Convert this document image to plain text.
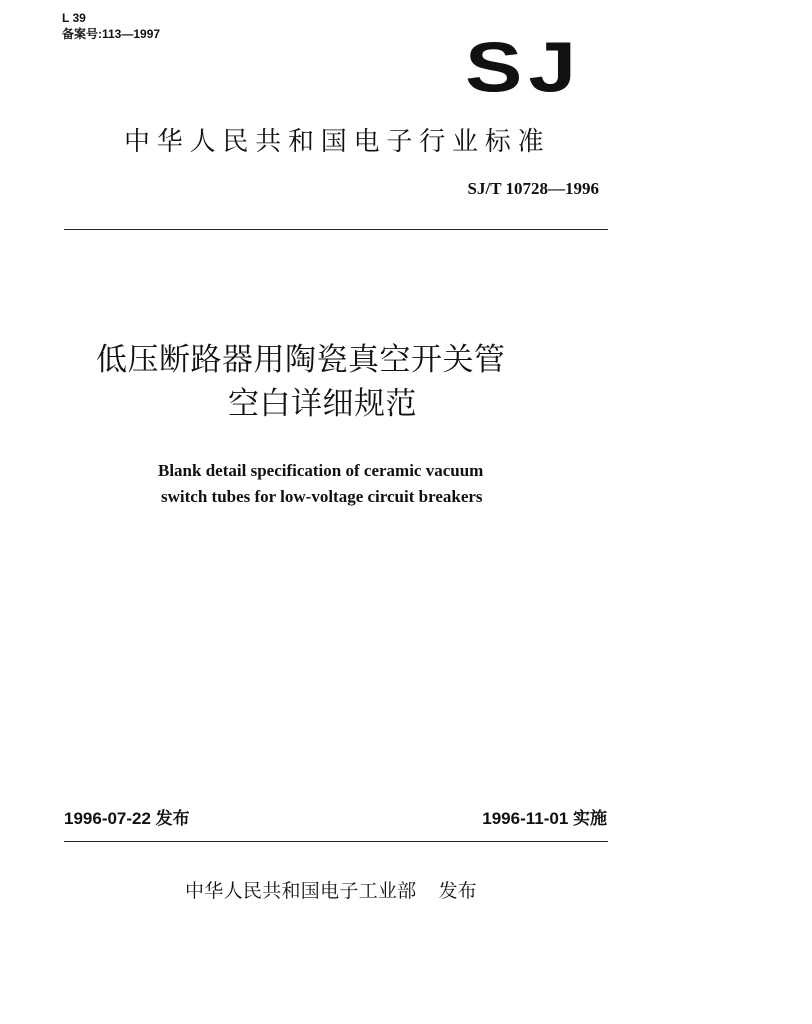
L 39
备案号:113—1997	SJ
中华人民共和国电子行业标准
SJ/T 10728—1996
低压断路器用陶瓷真空开关管
空白详细规范
Blank detail specification of ceramic vacuum
switch tubes for low-voltage circuit breakers
1996-07-22 发布	1996-11-01 实施
中华人民共和国电子工业部 发布
